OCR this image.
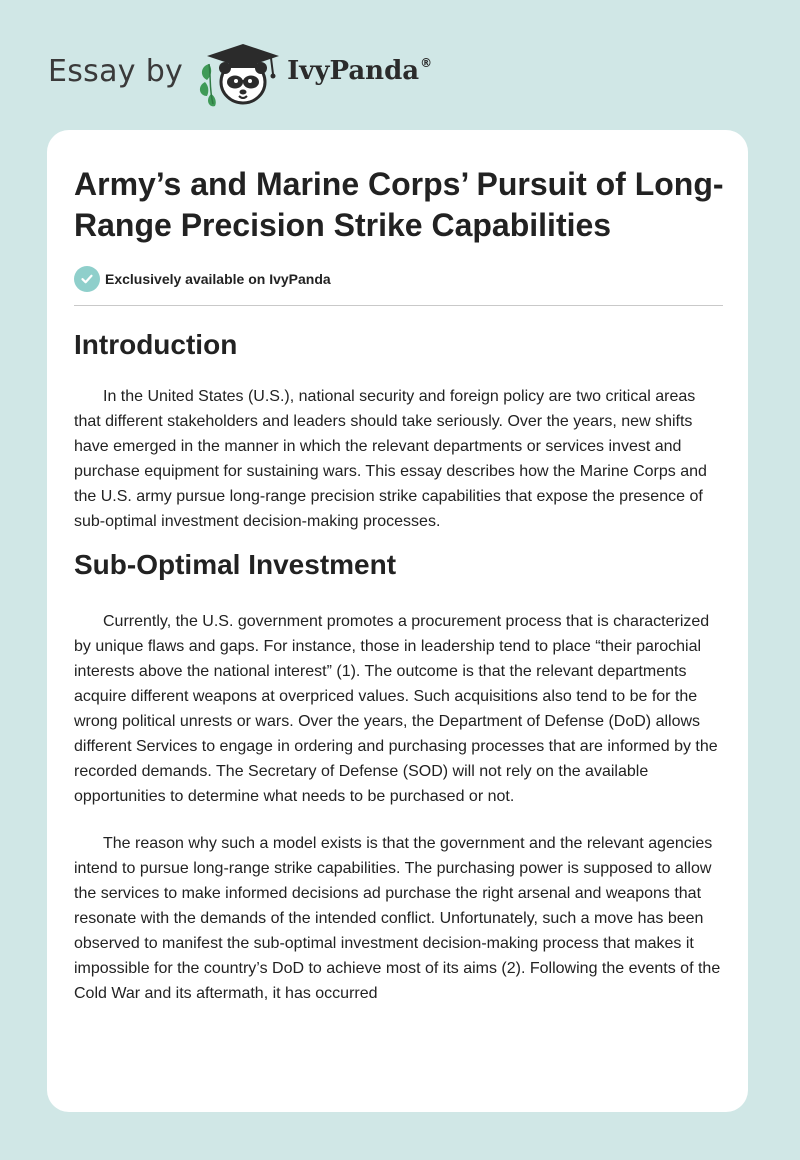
Essay by	IvyPanda®
Army’s and Marine Corps’ Pursuit of Long-Range Precision Strike Capabilities
Exclusively available on IvyPanda
Introduction

In the United States (U.S.), national security and foreign policy are two critical areas that different stakeholders and leaders should take seriously. Over the years, new shifts have emerged in the manner in which the relevant departments or services invest and purchase equipment for sustaining wars. This essay describes how the Marine Corps and the U.S. army pursue long-range precision strike capabilities that expose the presence of sub-optimal investment decision-making processes.

Sub-Optimal Investment

Currently, the U.S. government promotes a procurement process that is characterized by unique flaws and gaps. For instance, those in leadership tend to place “their parochial interests above the national interest” (1). The outcome is that the relevant departments acquire different weapons at overpriced values. Such acquisitions also tend to be for the wrong political unrests or wars. Over the years, the Department of Defense (DoD) allows different Services to engage in ordering and purchasing processes that are informed by the recorded demands. The Secretary of Defense (SOD) will not rely on the available opportunities to determine what needs to be purchased or not.

The reason why such a model exists is that the government and the relevant agencies intend to pursue long-range strike capabilities. The purchasing power is supposed to allow the services to make informed decisions ad purchase the right arsenal and weapons that resonate with the demands of the intended conflict. Unfortunately, such a move has been observed to manifest the sub-optimal investment decision-making process that makes it impossible for the country’s DoD to achieve most of its aims (2). Following the events of the Cold War and its aftermath, it has occurred
